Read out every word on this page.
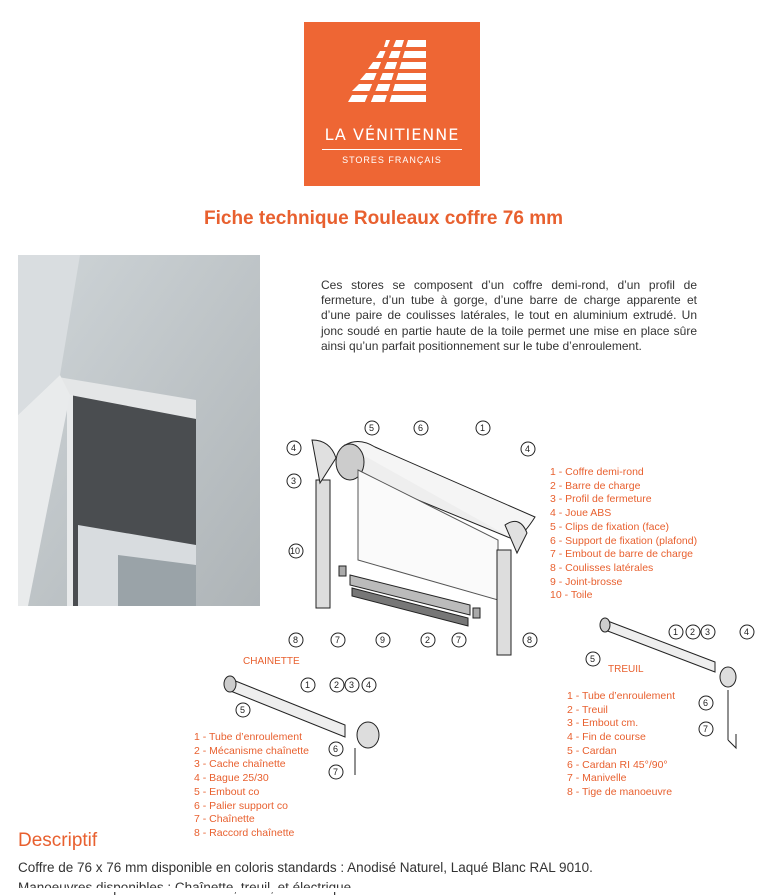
LA VÉNITIENNE
STORES FRANÇAIS
Fiche technique Rouleaux coffre 76 mm
Ces stores se composent d’un coffre demi-rond, d’un profil de fermeture, d’un tube à gorge, d’une barre de charge apparente et d’une paire de coulisses latérales, le tout en aluminium extrudé. Un jonc soudé en partie haute de la toile permet une mise en place sûre ainsi qu’un parfait positionnement sur le tube d’enroulement.
1
2
3
4	4
5	6
7	7
8	8
9
10
1	2 3 4
5
6
7
1 2 3	4
5
6
7
1 - Coffre demi-rond
2 - Barre de charge
3 - Profil de fermeture
4 - Joue ABS
5 - Clips de fixation (face)
6 - Support de fixation (plafond)
7 - Embout de barre de charge
8 - Coulisses latérales
9 - Joint-brosse
10 - Toile
CHAINETTE
1 - Tube d’enroulement
2 - Mécanisme chaînette
3 - Cache chaînette
4 - Bague 25/30
5 - Embout co
6 - Palier support co
7 - Chaînette
8 - Raccord chaînette
TREUIL
1 - Tube d’enroulement
2 - Treuil
3 - Embout cm.
4 - Fin de course
5 - Cardan
6 - Cardan RI 45°/90°
7 - Manivelle
8 - Tige de manoeuvre
Descriptif
Coffre de 76 x 76 mm disponible en coloris standards : Anodisé Naturel, Laqué Blanc RAL 9010.
